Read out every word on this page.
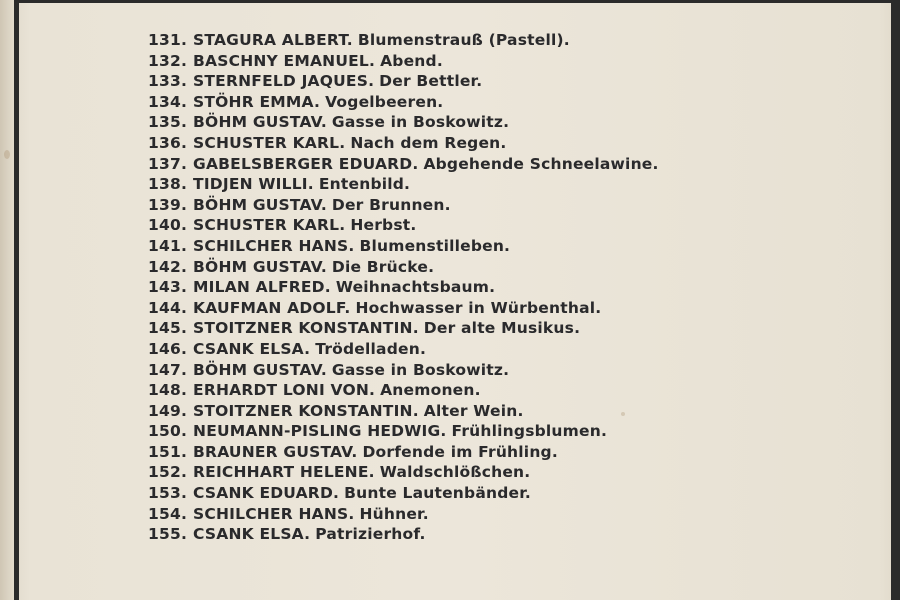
131. STAGURA ALBERT. Blumenstrauß (Pastell).
132. BASCHNY EMANUEL. Abend.
133. STERNFELD JAQUES. Der Bettler.
134. STÖHR EMMA. Vogelbeeren.
135. BÖHM GUSTAV. Gasse in Boskowitz.
136. SCHUSTER KARL. Nach dem Regen.
137. GABELSBERGER EDUARD. Abgehende Schneelawine.
138. TIDJEN WILLI. Entenbild.
139. BÖHM GUSTAV. Der Brunnen.
140. SCHUSTER KARL. Herbst.
141. SCHILCHER HANS. Blumenstilleben.
142. BÖHM GUSTAV. Die Brücke.
143. MILAN ALFRED. Weihnachtsbaum.
144. KAUFMAN ADOLF. Hochwasser in Würbenthal.
145. STOITZNER KONSTANTIN. Der alte Musikus.
146. CSANK ELSA. Trödelladen.
147. BÖHM GUSTAV. Gasse in Boskowitz.
148. ERHARDT LONI VON. Anemonen.
149. STOITZNER KONSTANTIN. Alter Wein.
150. NEUMANN-PISLING HEDWIG. Frühlingsblumen.
151. BRAUNER GUSTAV. Dorfende im Frühling.
152. REICHHART HELENE. Waldschlößchen.
153. CSANK EDUARD. Bunte Lautenbänder.
154. SCHILCHER HANS. Hühner.
155. CSANK ELSA. Patrizierhof.
